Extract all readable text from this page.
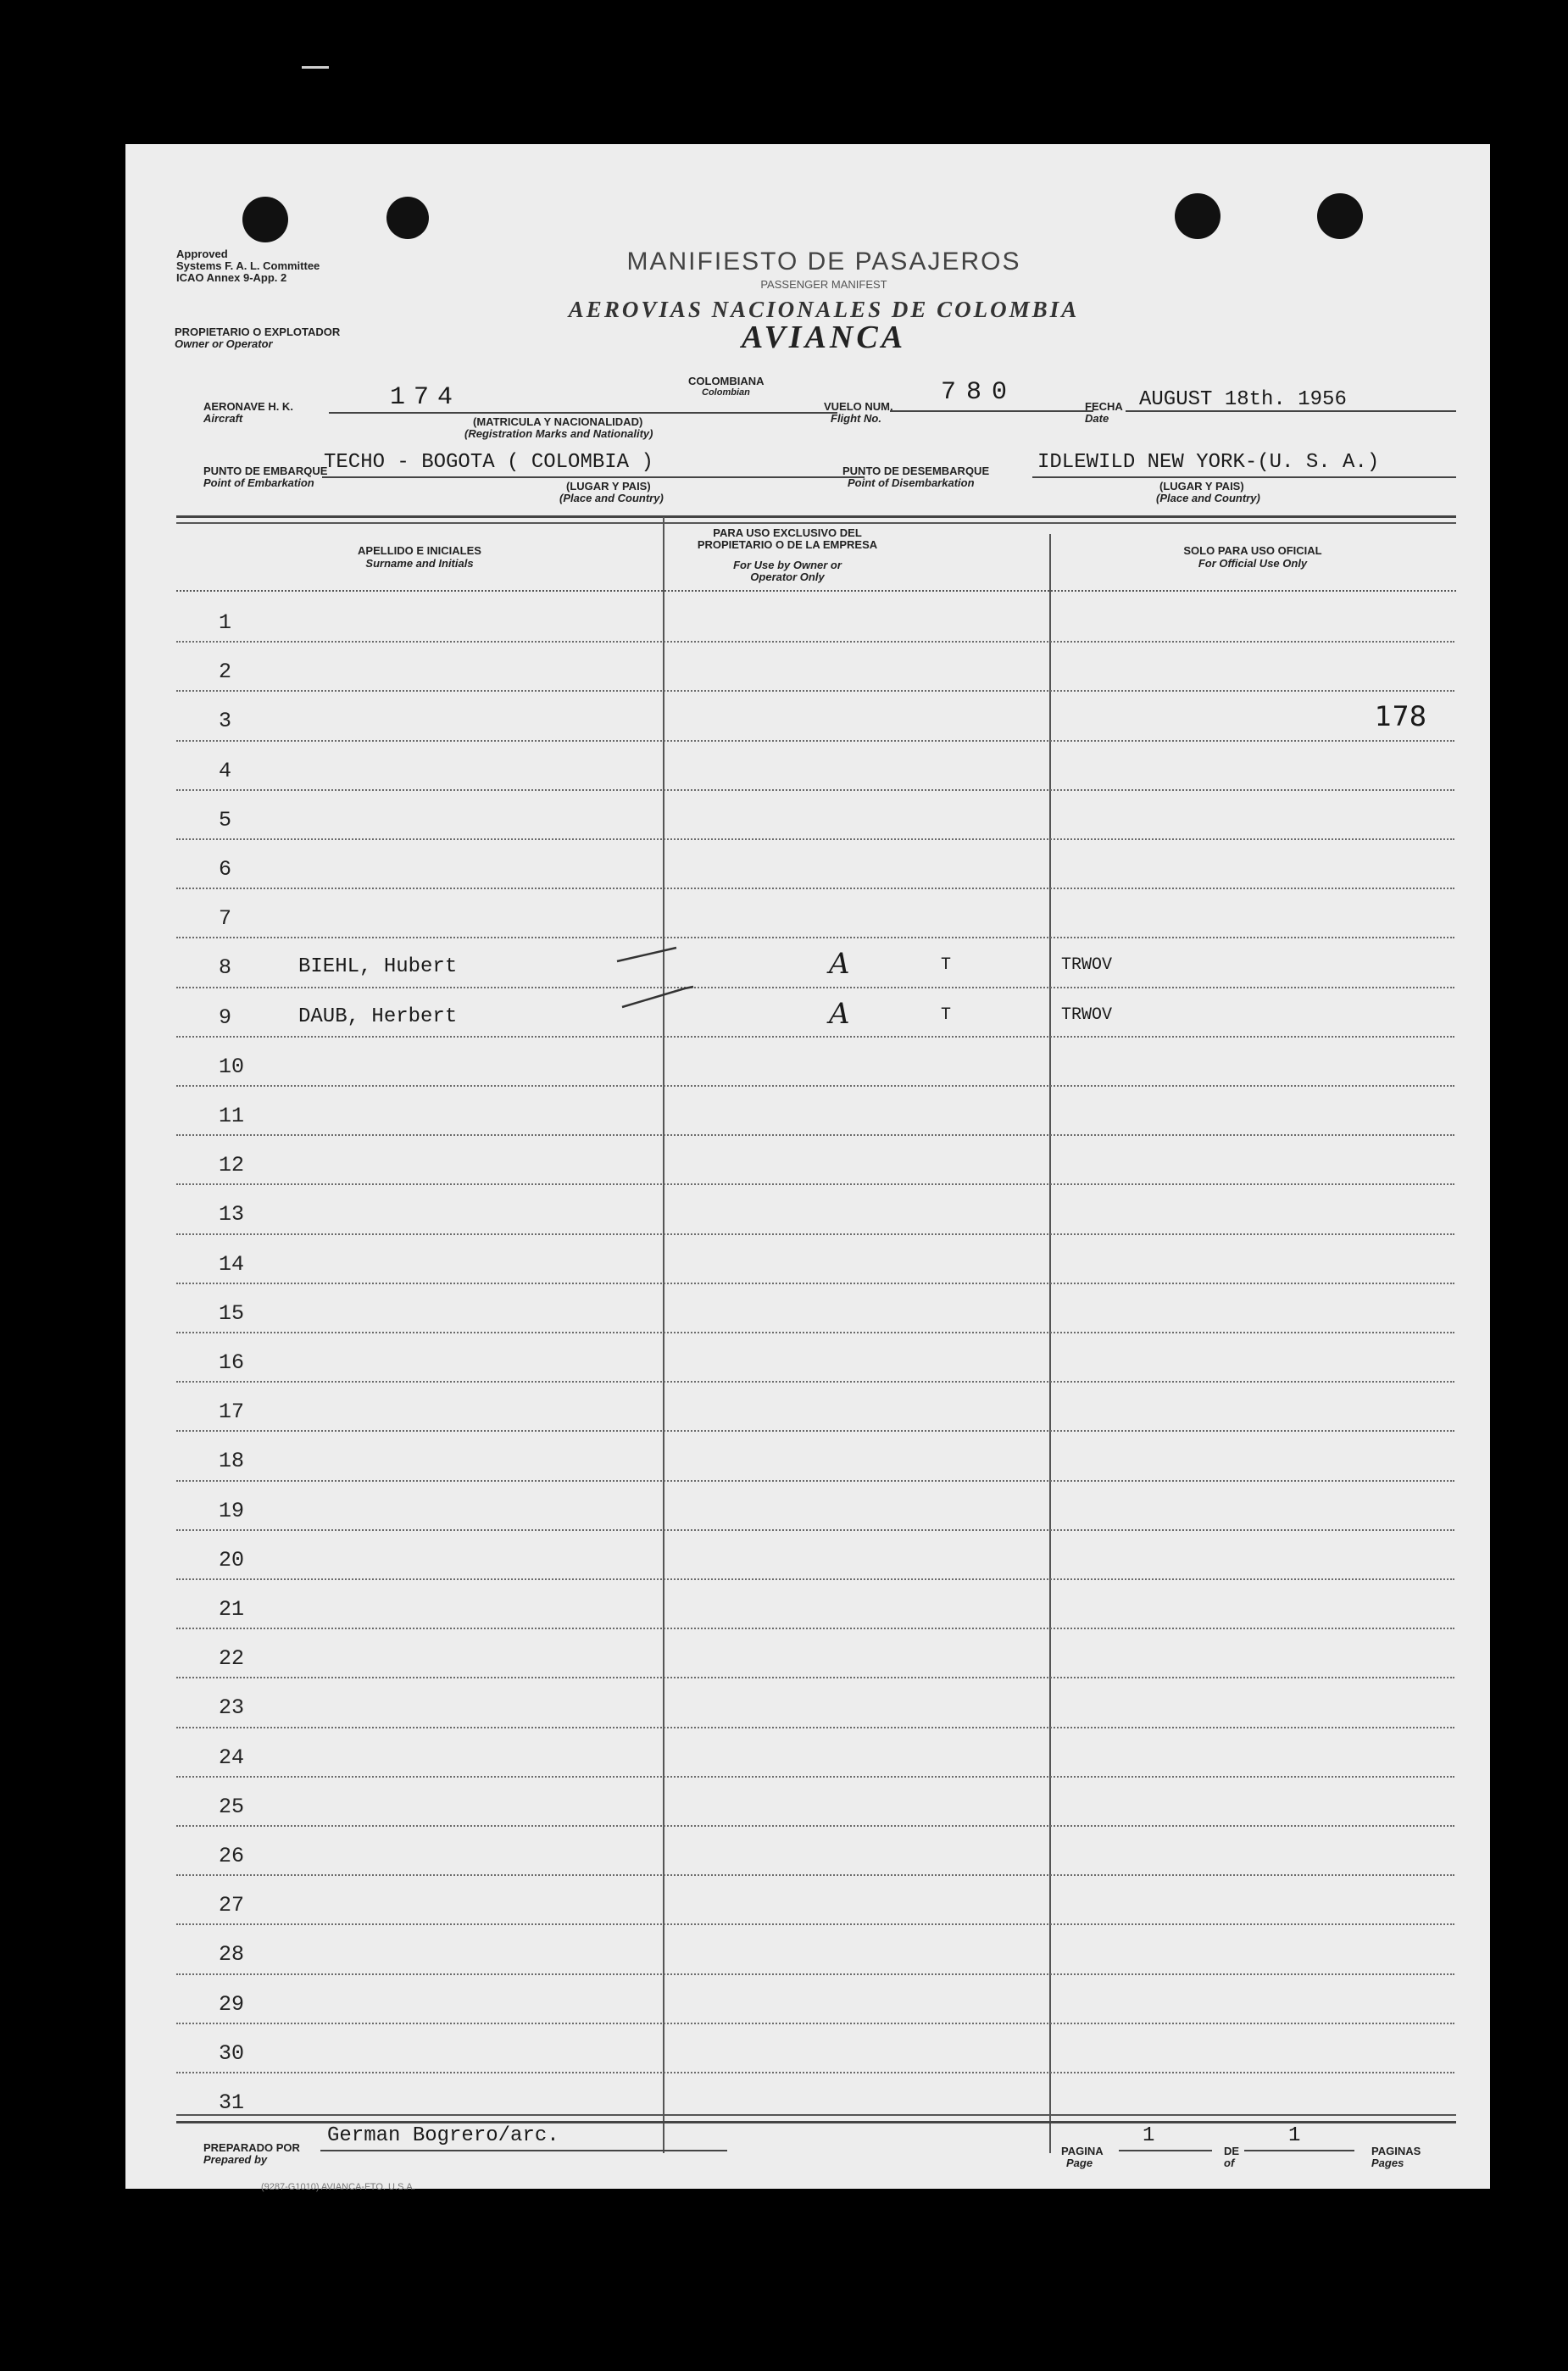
Approved
Systems F. A. L. Committee
ICAO Annex 9-App. 2
PROPIETARIO O EXPLOTADOR
Owner or Operator
MANIFIESTO DE PASAJEROS
PASSENGER MANIFEST
AEROVIAS NACIONALES DE COLOMBIA
AVIANCA
COLOMBIANA
Colombian
AERONAVE H. K.
Aircraft
174
(MATRICULA Y NACIONALIDAD)
(Registration Marks and Nationality)
VUELO NUM.
Flight No.
780	FECHA
Date
AUGUST 18th. 1956
PUNTO DE EMBARQUE
Point of Embarkation
TECHO - BOGOTA ( COLOMBIA )
(LUGAR Y PAIS)
(Place and Country)
PUNTO DE DESEMBARQUE
Point of Disembarkation
IDLEWILD NEW YORK-(U. S. A.)
(LUGAR Y PAIS)
(Place and Country)
APELLIDO E INICIALES
Surname and Initials
PARA USO EXCLUSIVO DEL PROPIETARIO O DE LA EMPRESA
For Use by Owner or Operator Only
SOLO PARA USO OFICIAL
For Official Use Only
1
2
3	178
4
5
6
7
8	BIEHL, Hubert	A	T	TRWOV
9	DAUB, Herbert	A	T	TRWOV
10
11
12
13
14
15
16
17
18
19
20
21
22
23
24
25
26
27
28
29
30
31
PREPARADO POR
Prepared by
German Bogrero/arc.
PAGINA
Page
1
DE
of
1
PAGINAS
Pages
(9287-G1010) AVIANCA-FTO. U.S.A.
